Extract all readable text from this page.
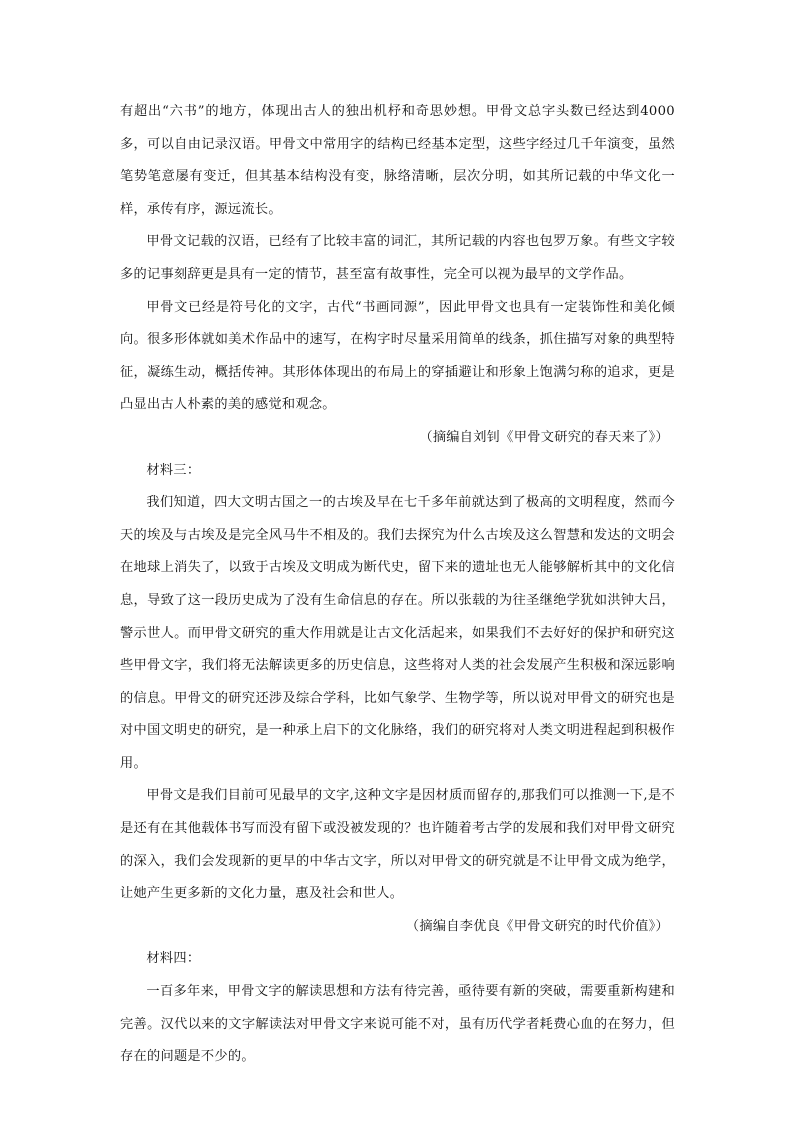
有超出“六书”的地方，体现出古人的独出机杼和奇思妙想。甲骨文总字头数已经达到4000多，可以自由记录汉语。甲骨文中常用字的结构已经基本定型，这些字经过几千年演变，虽然笔势笔意屡有变迁，但其基本结构没有变，脉络清晰，层次分明，如其所记载的中华文化一样，承传有序，源远流长。

甲骨文记载的汉语，已经有了比较丰富的词汇，其所记载的内容也包罗万象。有些文字较多的记事刻辞更是具有一定的情节，甚至富有故事性，完全可以视为最早的文学作品。

甲骨文已经是符号化的文字，古代“书画同源”，因此甲骨文也具有一定装饰性和美化倾向。很多形体就如美术作品中的速写，在构字时尽量采用简单的线条，抓住描写对象的典型特征，凝练生动，概括传神。其形体体现出的布局上的穿插避让和形象上饱满匀称的追求，更是凸显出古人朴素的美的感觉和观念。

（摘编自刘钊《甲骨文研究的春天来了》）

材料三：

我们知道，四大文明古国之一的古埃及早在七千多年前就达到了极高的文明程度，然而今天的埃及与古埃及是完全风马牛不相及的。我们去探究为什么古埃及这么智慧和发达的文明会在地球上消失了，以致于古埃及文明成为断代史，留下来的遗址也无人能够解析其中的文化信息，导致了这一段历史成为了没有生命信息的存在。所以张载的为往圣继绝学犹如洪钟大吕，警示世人。而甲骨文研究的重大作用就是让古文化活起来，如果我们不去好好的保护和研究这些甲骨文字，我们将无法解读更多的历史信息，这些将对人类的社会发展产生积极和深远影响的信息。甲骨文的研究还涉及综合学科，比如气象学、生物学等，所以说对甲骨文的研究也是对中国文明史的研究，是一种承上启下的文化脉络，我们的研究将对人类文明进程起到积极作用。

甲骨文是我们目前可见最早的文字,这种文字是因材质而留存的,那我们可以推测一下,是不是还有在其他载体书写而没有留下或没被发现的？也许随着考古学的发展和我们对甲骨文研究的深入，我们会发现新的更早的中华古文字，所以对甲骨文的研究就是不让甲骨文成为绝学，让她产生更多新的文化力量，惠及社会和世人。

（摘编自李优良《甲骨文研究的时代价值》）

材料四：

一百多年来，甲骨文字的解读思想和方法有待完善，亟待要有新的突破，需要重新构建和完善。汉代以来的文字解读法对甲骨文字来说可能不对，虽有历代学者耗费心血的在努力，但存在的问题是不少的。
